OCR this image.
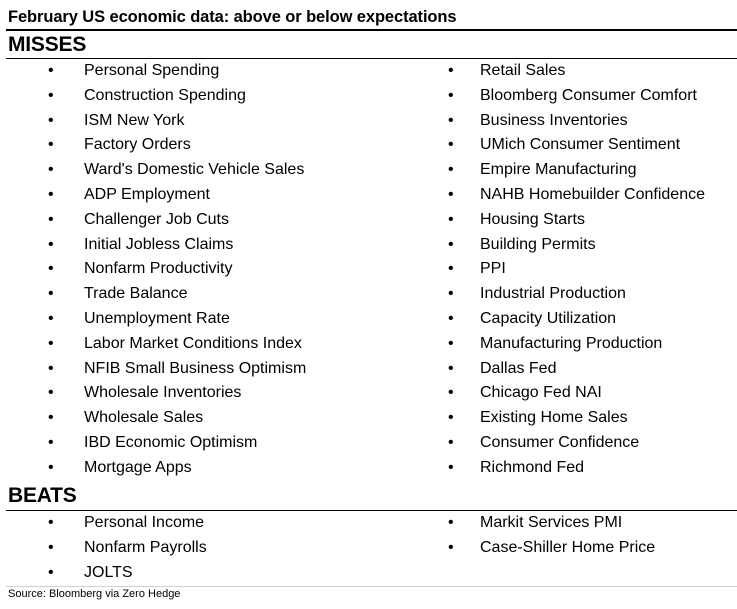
February US economic data: above or below expectations
MISSES
• Personal Spending
• Construction Spending
• ISM New York
• Factory Orders
• Ward's Domestic Vehicle Sales
• ADP Employment
• Challenger Job Cuts
• Initial Jobless Claims
• Nonfarm Productivity
• Trade Balance
• Unemployment Rate
• Labor Market Conditions Index
• NFIB Small Business Optimism
• Wholesale Inventories
• Wholesale Sales
• IBD Economic Optimism
• Mortgage Apps
• Retail Sales
• Bloomberg Consumer Comfort
• Business Inventories
• UMich Consumer Sentiment
• Empire Manufacturing
• NAHB Homebuilder Confidence
• Housing Starts
• Building Permits
• PPI
• Industrial Production
• Capacity Utilization
• Manufacturing Production
• Dallas Fed
• Chicago Fed NAI
• Existing Home Sales
• Consumer Confidence
• Richmond Fed
BEATS
• Personal Income
• Nonfarm Payrolls
• JOLTS
• Markit Services PMI
• Case-Shiller Home Price
Source: Bloomberg via Zero Hedge
